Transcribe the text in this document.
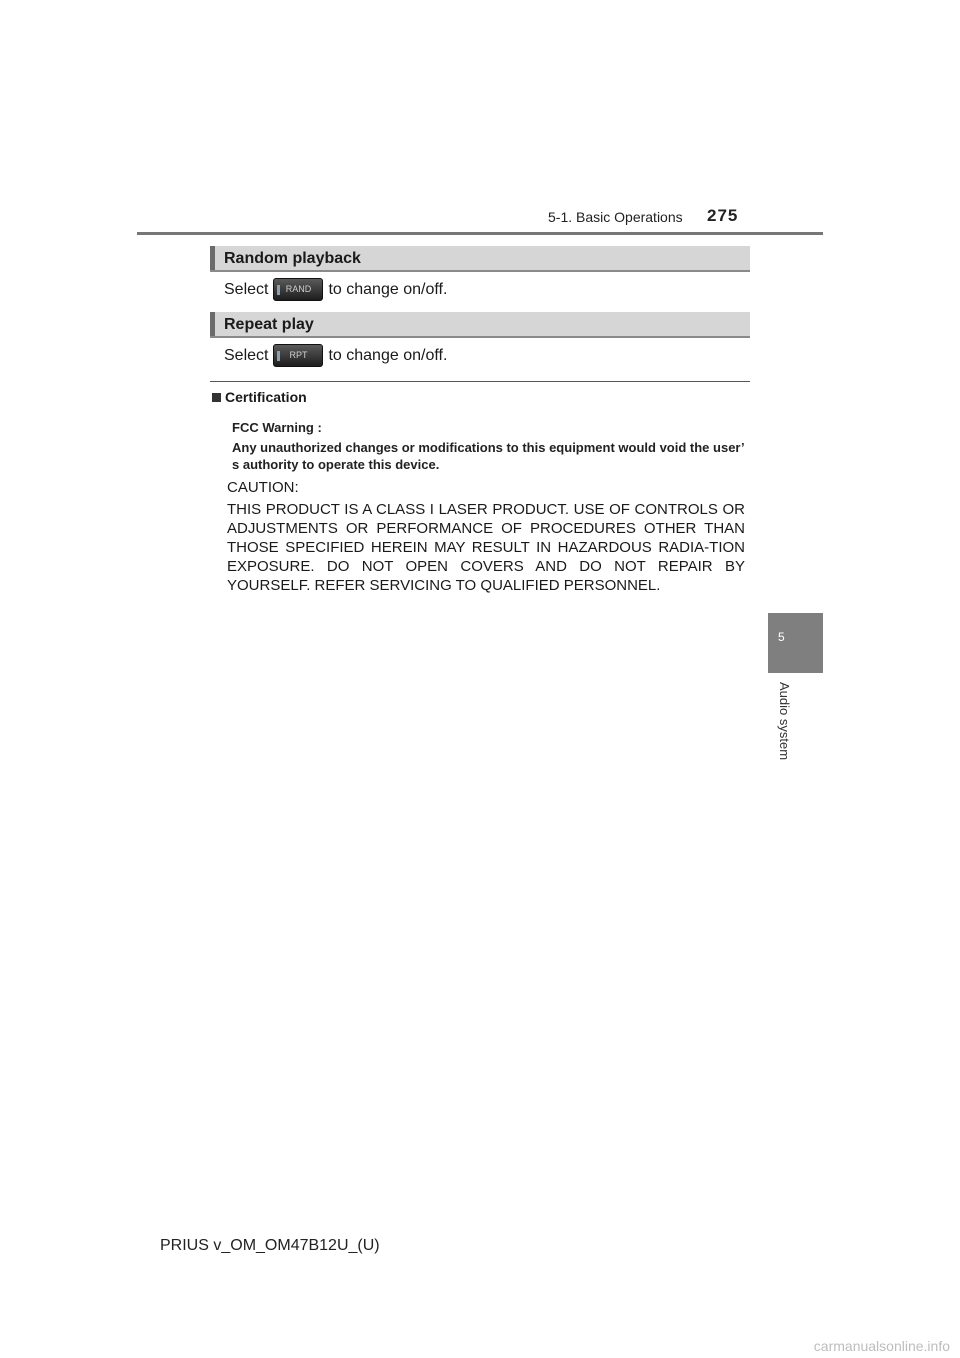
5-1. Basic Operations 275
Random playback
Select	RAND	to change on/off.
Repeat play
Select	RPT	to change on/off.
Certification
FCC Warning :
Any unauthorized changes or modifications to this equipment would void the user’
s authority to operate this device.
CAUTION:
THIS PRODUCT IS A CLASS I LASER PRODUCT. USE OF CONTROLS OR ADJUSTMENTS OR PERFORMANCE OF PROCEDURES OTHER THAN THOSE SPECIFIED HEREIN MAY RESULT IN HAZARDOUS RADIA-TION EXPOSURE. DO NOT OPEN COVERS AND DO NOT REPAIR BY YOURSELF. REFER SERVICING TO QUALIFIED PERSONNEL.
5
Audio system
PRIUS v_OM_OM47B12U_(U)
carmanualsonline.info
